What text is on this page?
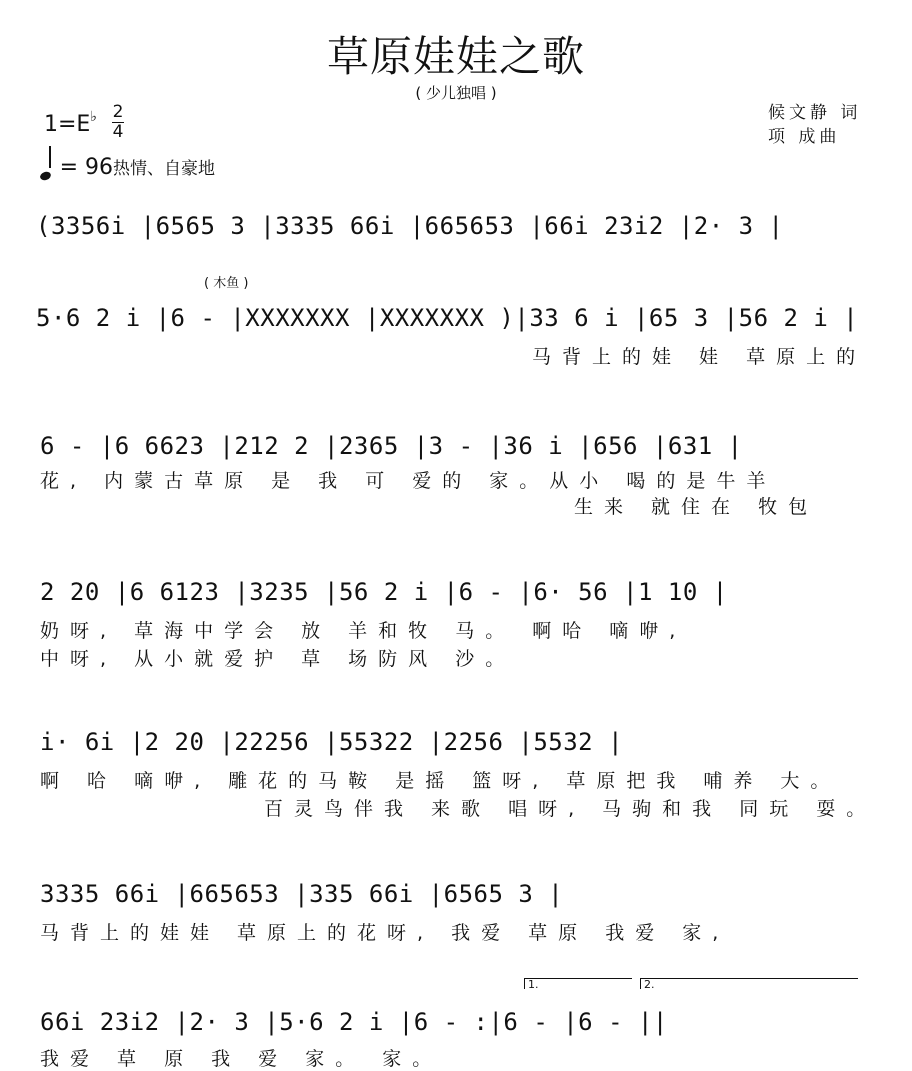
草原娃娃之歌
( 少儿独唱 )
候文静 词
项 成曲
1=E♭ 2
4
= 96热情、自豪地
(3356i |6565 3 |3335 66i |665653 |66i 23i2 |2· 3 |
( 木鱼 )
5·6 2 i |6 - |XXXXXXX |XXXXXXX )|33 6 i |65 3 |56 2 i |
马背上的娃 娃 草原上的
6 - |6 6623 |212 2 |2365 |3 - |36 i |656 |631 |
花, 内蒙古草原 是 我 可 爱的 家。从小 喝的是牛羊
生来 就住在 牧包
2 20 |6 6123 |3235 |56 2 i |6 - |6· 56 |1 10 |
奶呀, 草海中学会 放 羊和牧 马。 啊哈 嘀咿,
中呀, 从小就爱护 草 场防风 沙。
i· 6i |2 20 |22256 |55322 |2256 |5532 |
啊 哈 嘀咿, 雕花的马鞍 是摇 篮呀, 草原把我 哺养 大。
百灵鸟伴我 来歌 唱呀, 马驹和我 同玩 耍。
3335 66i |665653 |335 66i |6565 3 |
马背上的娃娃 草原上的花呀, 我爱 草原 我爱 家,
1.	2.
66i 23i2 |2· 3 |5·6 2 i |6 - :|6 - |6 - ||
我爱 草 原 我 爱 家。 家。
